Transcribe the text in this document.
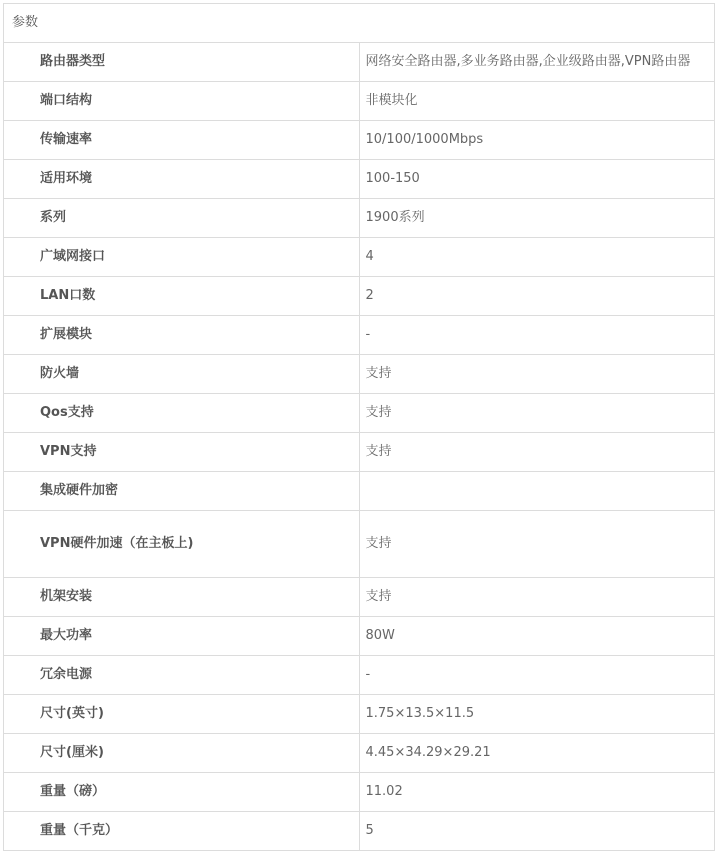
参数	

路由器类型	网络安全路由器,多业务路由器,企业级路由器,VPN路由器

端口结构	非模块化

传输速率	10/100/1000Mbps

适用环境	100-150

系列	1900系列

广域网接口	4

LAN口数	2

扩展模块	-

防火墙	支持

Qos支持	支持

VPN支持	支持

集成硬件加密	

VPN硬件加速（在主板上)	支持

机架安装	支持

最大功率	80W

冗余电源	-

尺寸(英寸)	1.75×13.5×11.5

尺寸(厘米)	4.45×34.29×29.21

重量（磅）	11.02

重量（千克）	5
